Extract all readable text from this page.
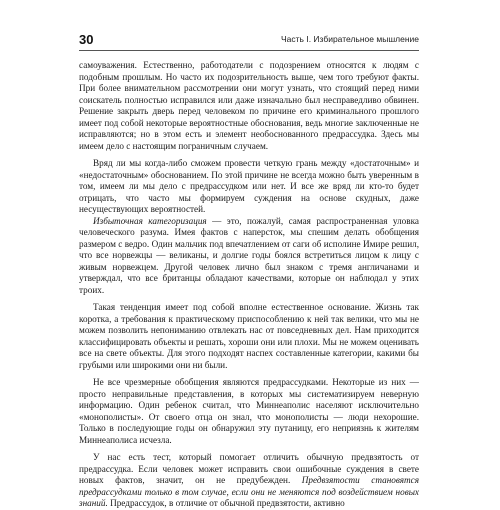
30	Часть I. Избирательное мышление

самоуважения. Естественно, работодатели с подозрением относятся к людям с подобным прошлым. Но часто их подозрительность выше, чем того требуют факты. При более внимательном рассмотрении они могут узнать, что стоящий перед ними соискатель полностью исправился или даже изначально был несправедливо обвинен. Решение закрыть дверь перед человеком по причине его криминального прошлого имеет под собой некоторые вероятностные обоснования, ведь многие заключенные не исправляются; но в этом есть и элемент необоснованного предрассудка. Здесь мы имеем дело с настоящим пограничным случаем.

Вряд ли мы когда-либо сможем провести четкую грань между «достаточным» и «недостаточным» обоснованием. По этой причине не всегда можно быть уверенным в том, имеем ли мы дело с предрассудком или нет. И все же вряд ли кто-то будет отрицать, что часто мы формируем суждения на основе скудных, даже несуществующих вероятностей.

Избыточная категоризация — это, пожалуй, самая распространенная уловка человеческого разума. Имея фактов с наперсток, мы спешим делать обобщения размером с ведро. Один мальчик под впечатлением от саги об исполине Имире решил, что все норвежцы — великаны, и долгие годы боялся встретиться лицом к лицу с живым норвежцем. Другой человек лично был знаком с тремя англичанами и утверждал, что все британцы обладают качествами, которые он наблюдал у этих троих.

Такая тенденция имеет под собой вполне естественное основание. Жизнь так коротка, а требования к практическому приспособлению к ней так велики, что мы не можем позволить непониманию отвлекать нас от повседневных дел. Нам приходится классифицировать объекты и решать, хороши они или плохи. Мы не можем оценивать все на свете объекты. Для этого подходят наспех составленные категории, какими бы грубыми или широкими они ни были.

Не все чрезмерные обобщения являются предрассудками. Некоторые из них — просто неправильные представления, в которых мы систематизируем неверную информацию. Один ребенок считал, что Миннеаполис населяют исключительно «монополисты». От своего отца он знал, что монополисты — люди нехорошие. Только в последующие годы он обнаружил эту путаницу, его неприязнь к жителям Миннеаполиса исчезла.

У нас есть тест, который помогает отличить обычную предвзятость от предрассудка. Если человек может исправить свои ошибочные суждения в свете новых фактов, значит, он не предубежден. Предвзятости становятся предрассудками только в том случае, если они не меняются под воздействием новых знаний. Предрассудок, в отличие от обычной предвзятости, активно
